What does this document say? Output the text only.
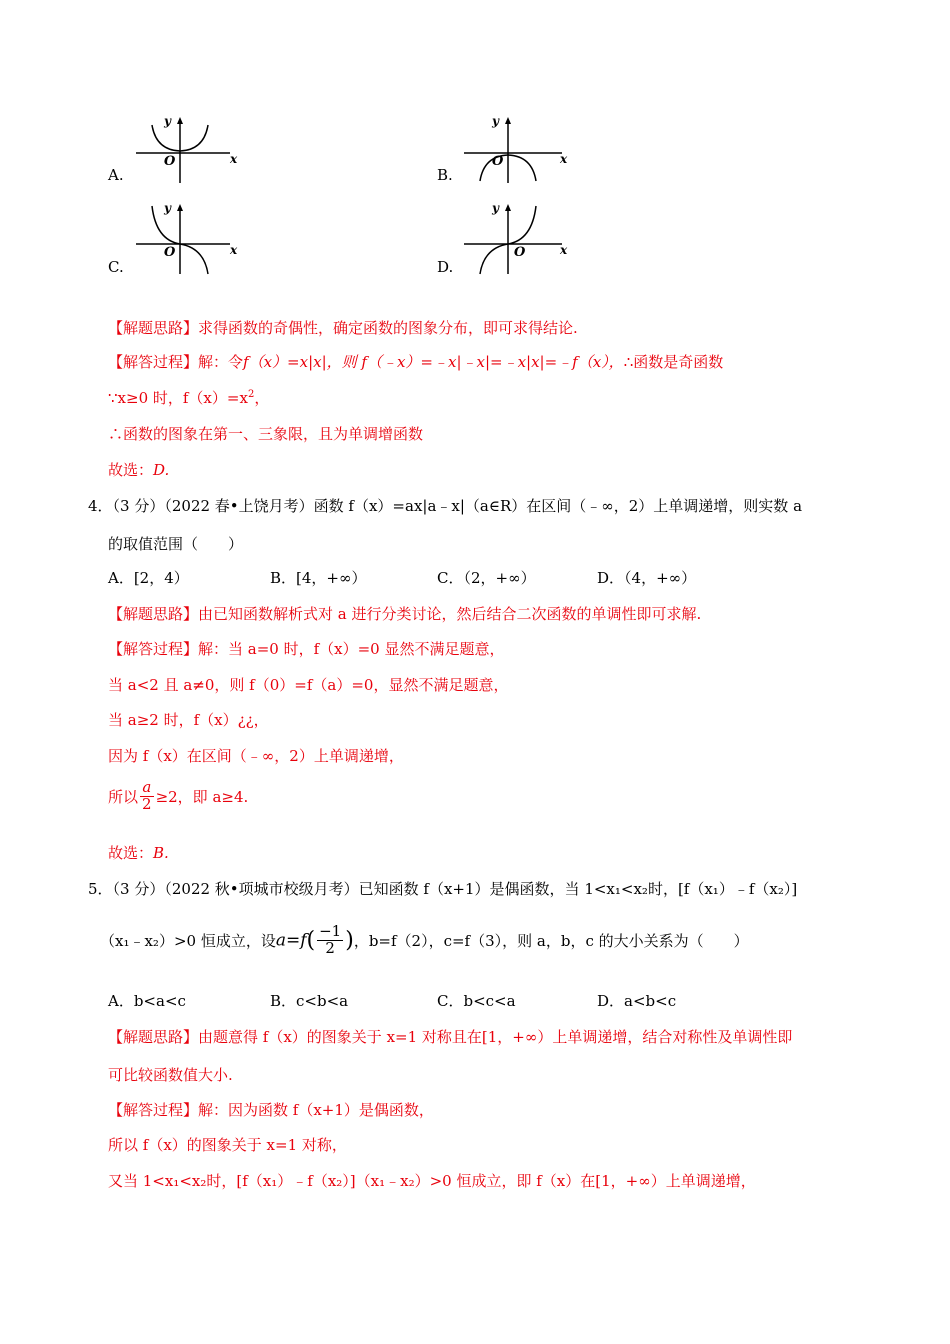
A.
O	x
y
B.
O	x
y
C.
O	x
y
D.
O	x
y
【解题思路】求得函数的奇偶性，确定函数的图象分布，即可求得结论.
【解答过程】解：令f（x）=x|x|，则 f（﹣x）=﹣x|﹣x|=﹣x|x|=﹣f（x），∴函数是奇函数
∵x≥0 时，$f(x)=x^2$，
∴函数的图象在第一、三象限，且为单调增函数
故选：D.
4．（3 分）（2022 春•上饶月考）函数 f（x）=ax|a﹣x|（a∈R）在区间（﹣∞，2）上单调递增，则实数 a
的取值范围（　　）
A．[2，4）	B．[4，+∞）	C．（2，+∞）	D．（4，+∞）
【解题思路】由已知函数解析式对 a 进行分类讨论，然后结合二次函数的单调性即可求解.
【解答过程】解：当 a=0 时，f（x）=0 显然不满足题意，
当 a<2 且 a≠0，则 f（0）=f（a）=0，显然不满足题意，
当 a≥2 时，f（x）¿¿，
因为 f（x）在区间（﹣∞，2）上单调递增，
所以 $\frac{a}{2} \ge 2$，即 a≥4.
故选：B.
5．（3 分）（2022 秋•项城市校级月考）已知函数 f（x+1）是偶函数，当 1<x₁<x₂时，[f（x₁）﹣f（x₂）]
（x₁﹣x₂）>0 恒成立，设$a=f( \frac{-1}{2}$ )，b=f（2），c=f（3），则 a，b，c 的大小关系为（　　）
A．b<a<c	B．c<b<a	C．b<c<a	D．a<b<c
【解题思路】由题意得 f（x）的图象关于 x=1 对称且在[1，+∞）上单调递增，结合对称性及单调性即
可比较函数值大小.
【解答过程】解：因为函数 f（x+1）是偶函数，
所以 f（x）的图象关于 x=1 对称，
又当 1<x₁<x₂时，[f（x₁）﹣f（x₂）]（x₁﹣x₂）>0 恒成立，即 f（x）在[1，+∞）上单调递增，
